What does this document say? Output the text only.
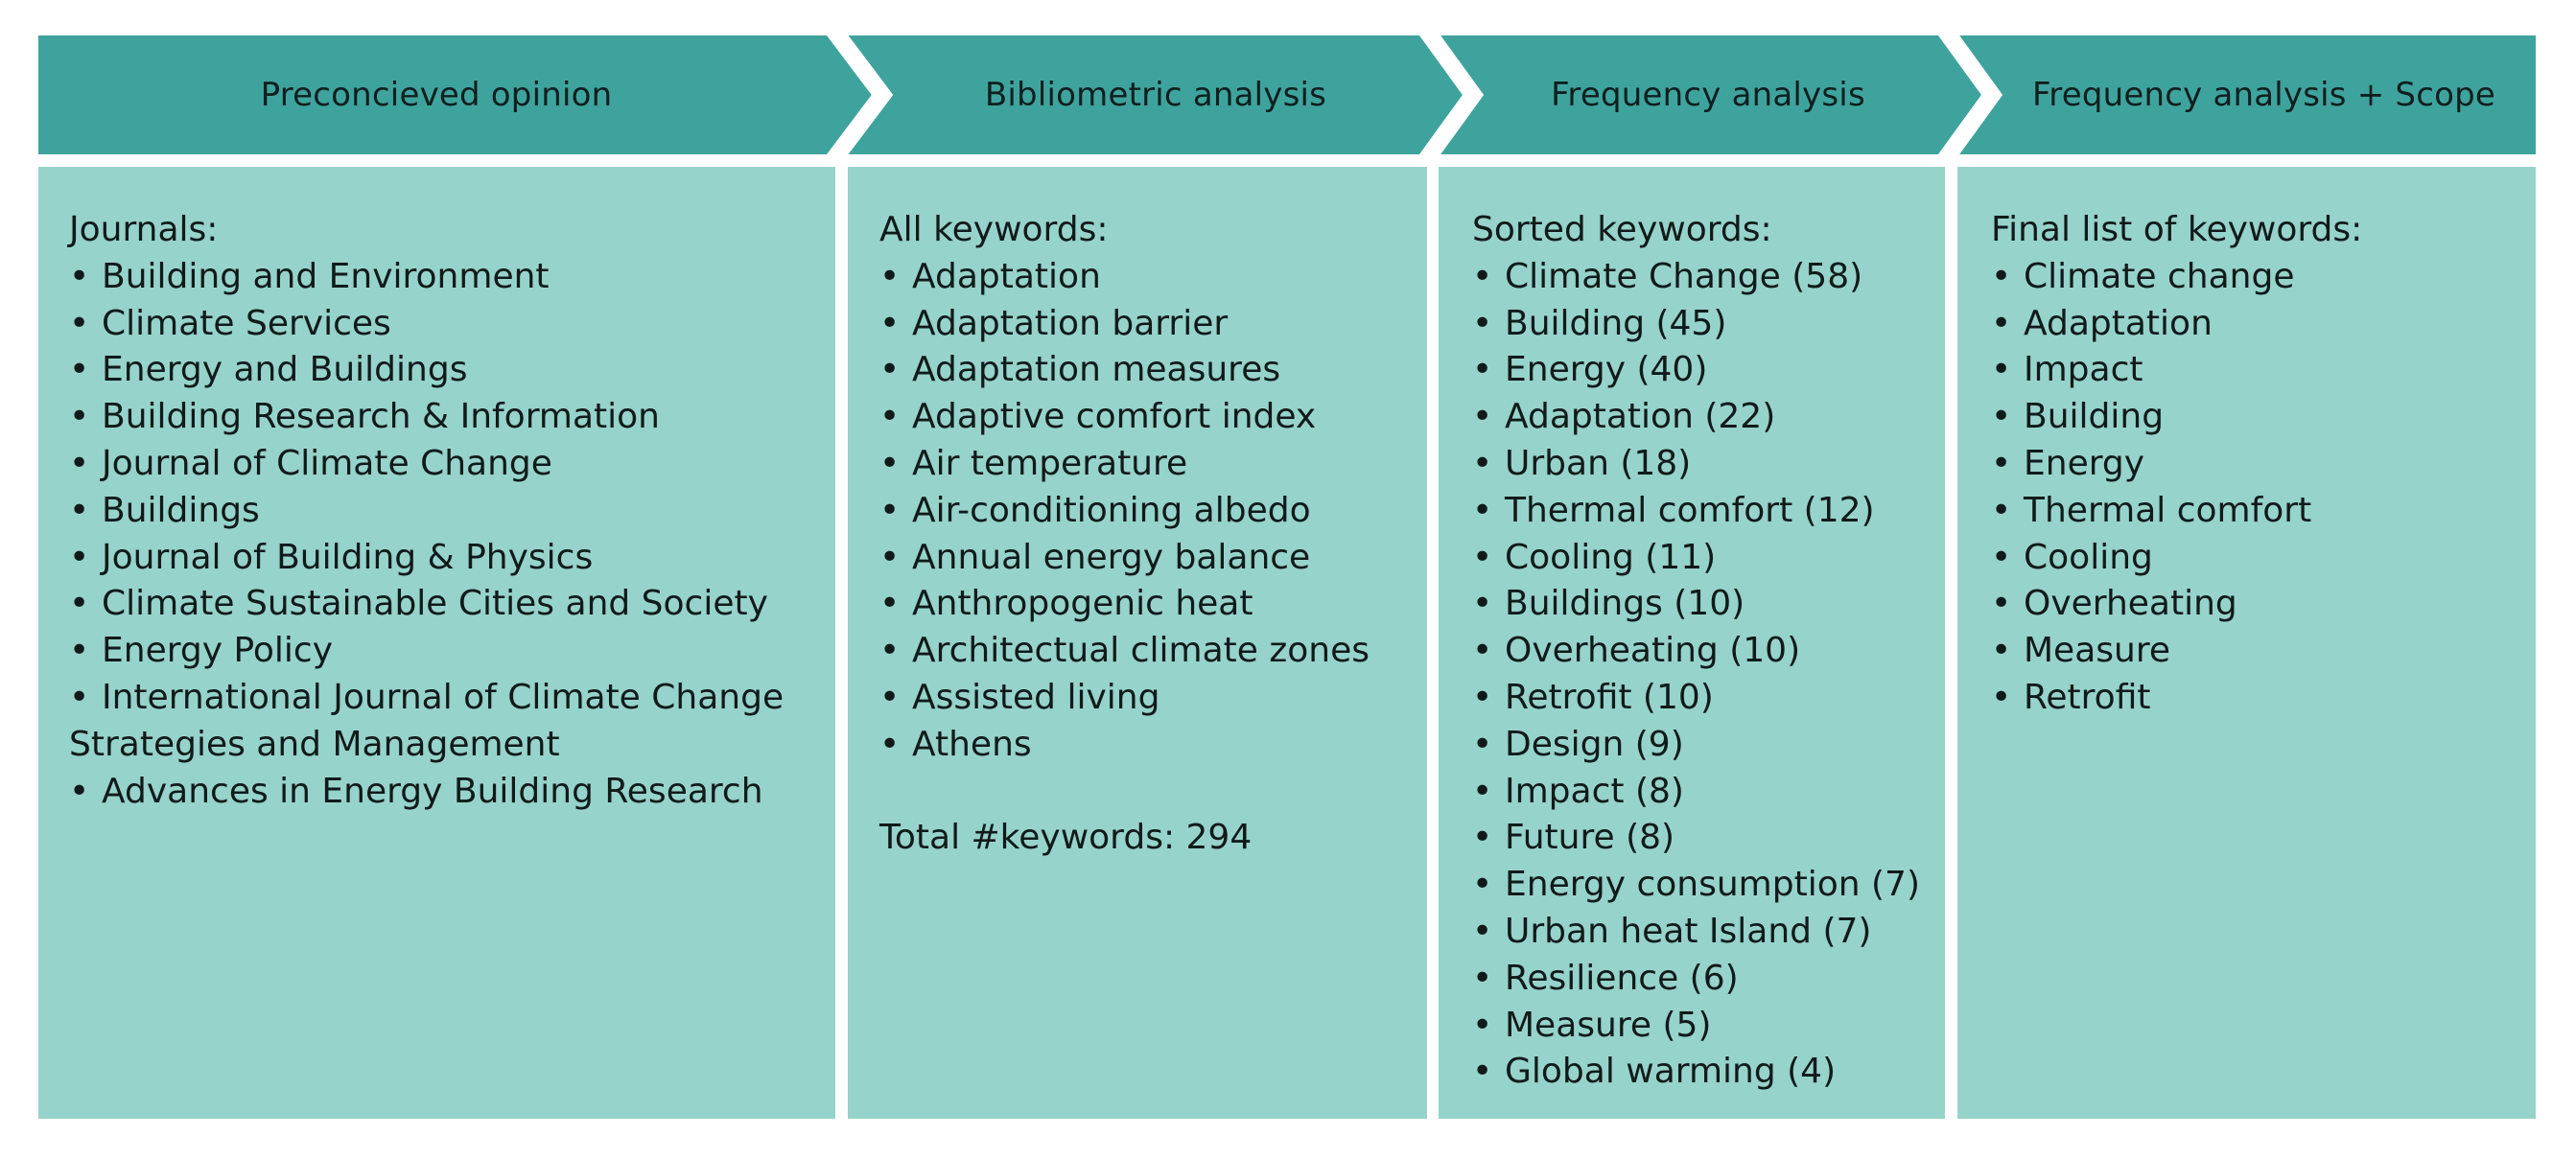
Preconcieved opinion	Bibliometric analysis	Frequency analysis	Frequency analysis + Scope
Journals:
• Building and Environment
• Climate Services
• Energy and Buildings
• Building Research & Information
• Journal of Climate Change
• Buildings
• Journal of Building & Physics
• Climate Sustainable Cities and Society
• Energy Policy
• International Journal of Climate Change
Strategies and Management
• Advances in Energy Building Research
All keywords:
• Adaptation
• Adaptation barrier
• Adaptation measures
• Adaptive comfort index
• Air temperature
• Air-conditioning albedo
• Annual energy balance
• Anthropogenic heat
• Architectual climate zones
• Assisted living
• Athens
Total #keywords: 294
Sorted keywords:
• Climate Change (58)
• Building (45)
• Energy (40)
• Adaptation (22)
• Urban (18)
• Thermal comfort (12)
• Cooling (11)
• Buildings (10)
• Overheating (10)
• Retrofit (10)
• Design (9)
• Impact (8)
• Future (8)
• Energy consumption (7)
• Urban heat Island (7)
• Resilience (6)
• Measure (5)
• Global warming (4)
Final list of keywords:
• Climate change
• Adaptation
• Impact
• Building
• Energy
• Thermal comfort
• Cooling
• Overheating
• Measure
• Retrofit
